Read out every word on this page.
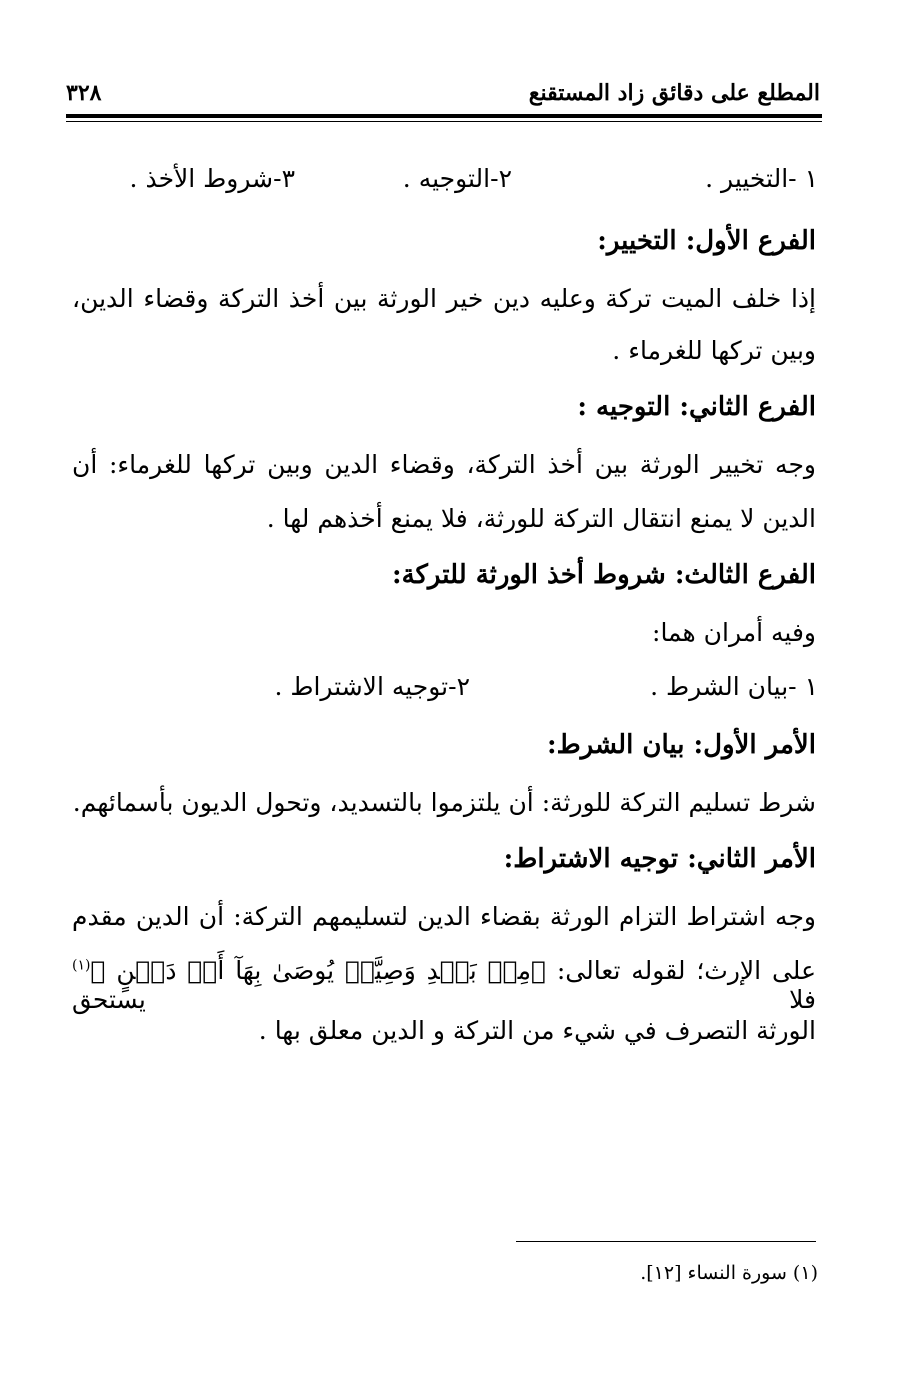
المطلع على دقائق زاد المستقنع
٣٢٨
١ -التخيير .
٢-التوجيه .
٣-شروط الأخذ .
الفرع الأول: التخيير:
إذا خلف الميت تركة وعليه دين خير الورثة بين أخذ التركة وقضاء الدين،
وبين تركها للغرماء .
الفرع الثاني: التوجيه :
وجه تخيير الورثة بين أخذ التركة، وقضاء الدين وبين تركها للغرماء: أن
الدين لا يمنع انتقال التركة للورثة، فلا يمنع أخذهم لها .
الفرع الثالث: شروط أخذ الورثة للتركة:
وفيه أمران هما:
١ -بيان الشرط .
٢-توجيه الاشتراط .
الأمر الأول: بيان الشرط:
شرط تسليم التركة للورثة: أن يلتزموا بالتسديد، وتحول الديون بأسمائهم.
الأمر الثاني: توجيه الاشتراط:
وجه اشتراط التزام الورثة بقضاء الدين لتسليمهم التركة: أن الدين مقدم
على الإرث؛ لقوله تعالى: ﴿مِنۢ بَعۡدِ وَصِيَّةٖ يُوصَىٰ بِهَآ أَوۡ دَيۡنٍ ﴾$^{(١)}$ فلا يستحق
الورثة التصرف في شيء من التركة و الدين معلق بها .
(١) سورة النساء [١٢].
